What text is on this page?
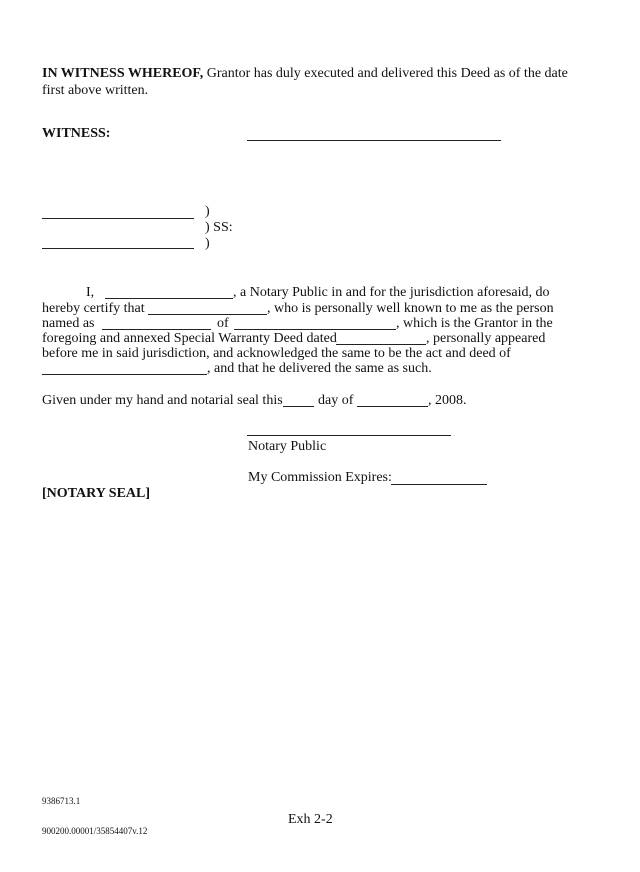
IN WITNESS WHEREOF, Grantor has duly executed and delivered this Deed as of the date
first above written.
WITNESS:
)
) SS:
)
I,	, a Notary Public in and for the jurisdiction aforesaid, do
hereby certify that	, who is personally well known to me as the person
named as	of	, which is the Grantor in the
foregoing and annexed Special Warranty Deed dated	, personally appeared
before me in said jurisdiction, and acknowledged the same to be the act and deed of
, and that he delivered the same as such.
Given under my hand and notarial seal this	day of	, 2008.
Notary Public
My Commission Expires:
[NOTARY SEAL]
9386713.1
Exh 2-2
900200.00001/35854407v.12
